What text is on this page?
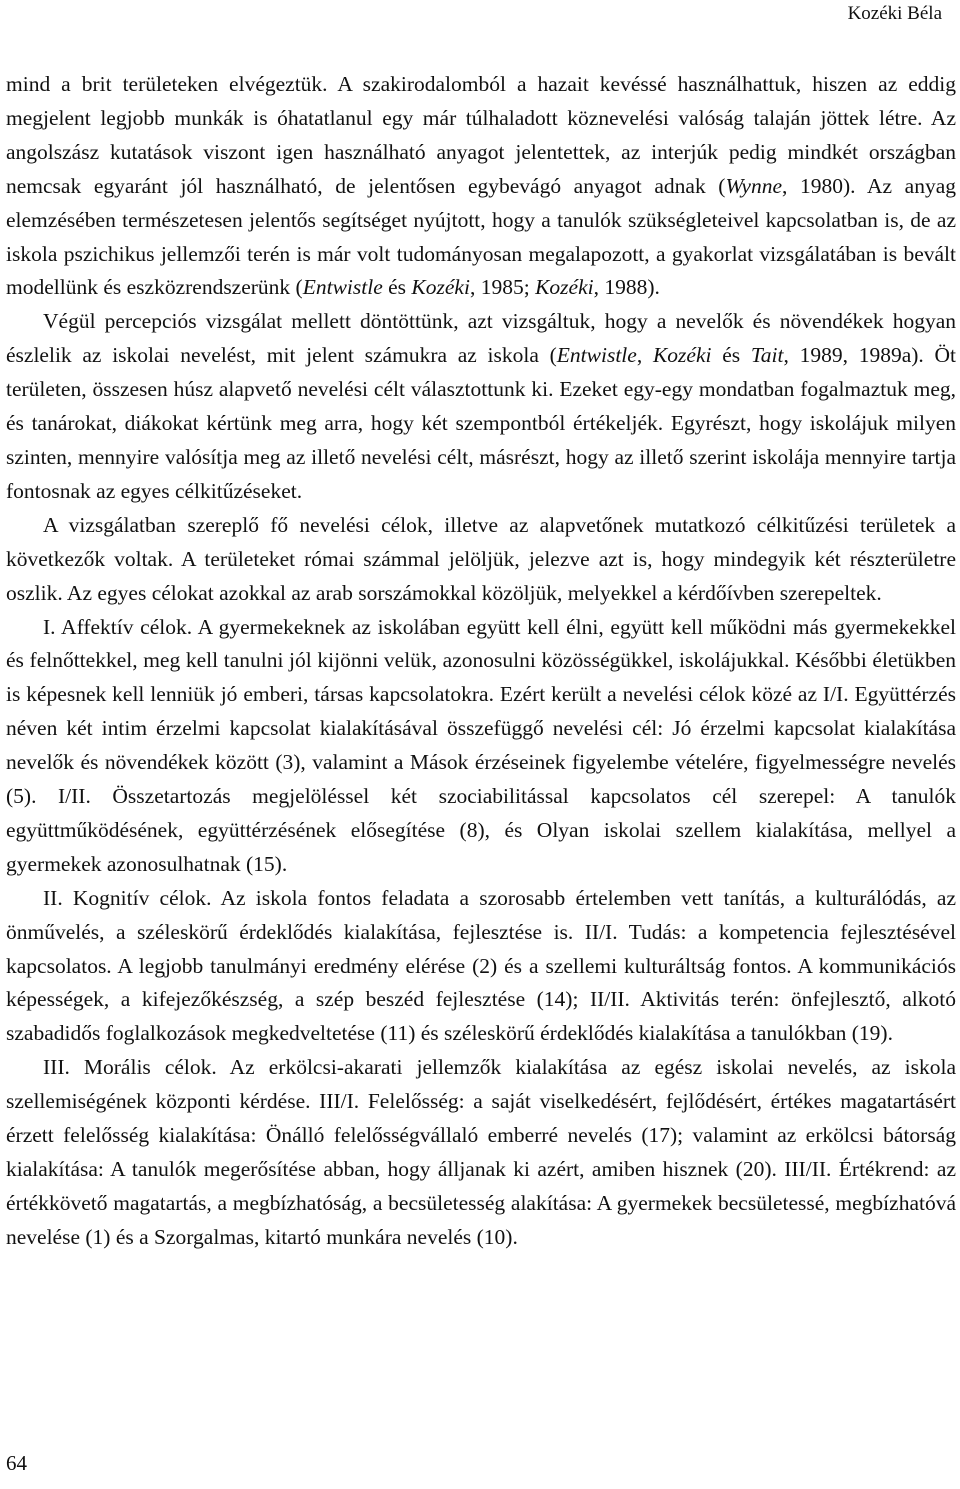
Kozéki Béla

mind a brit területeken elvégeztük. A szakirodalomból a hazait kevéssé használhattuk, hiszen az eddig megjelent legjobb munkák is óhatatlanul egy már túlhaladott köznevelési valóság talaján jöttek létre. Az angolszász kutatások viszont igen használható anyagot jelentettek, az interjúk pedig mindkét országban nemcsak egyaránt jól használható, de jelentősen egybevágó anyagot adnak (Wynne, 1980). Az anyag elemzésében természetesen jelentős segítséget nyújtott, hogy a tanulók szükségleteivel kapcsolatban is, de az iskola pszichikus jellemzői terén is már volt tudományosan megalapozott, a gyakorlat vizsgálatában is bevált modellünk és eszközrendszerünk (Entwistle és Kozéki, 1985; Kozéki, 1988).

Végül percepciós vizsgálat mellett döntöttünk, azt vizsgáltuk, hogy a nevelők és növendékek hogyan észlelik az iskolai nevelést, mit jelent számukra az iskola (Entwistle, Kozéki és Tait, 1989, 1989a). Öt területen, összesen húsz alapvető nevelési célt választottunk ki. Ezeket egy-egy mondatban fogalmaztuk meg, és tanárokat, diákokat kértünk meg arra, hogy két szempontból értékeljék. Egyrészt, hogy iskolájuk milyen szinten, mennyire valósítja meg az illető nevelési célt, másrészt, hogy az illető szerint iskolája mennyire tartja fontosnak az egyes célkitűzéseket.

A vizsgálatban szereplő fő nevelési célok, illetve az alapvetőnek mutatkozó célkitűzési területek a következők voltak. A területeket római számmal jelöljük, jelezve azt is, hogy mindegyik két részterületre oszlik. Az egyes célokat azokkal az arab sorszámokkal közöljük, melyekkel a kérdőívben szerepeltek.

I. Affektív célok. A gyermekeknek az iskolában együtt kell élni, együtt kell működni más gyermekekkel és felnőttekkel, meg kell tanulni jól kijönni velük, azonosulni közösségükkel, iskolájukkal. Későbbi életükben is képesnek kell lenniük jó emberi, társas kapcsolatokra. Ezért került a nevelési célok közé az I/I. Együttérzés néven két intim érzelmi kapcsolat kialakításával összefüggő nevelési cél: Jó érzelmi kapcsolat kialakítása nevelők és növendékek között (3), valamint a Mások érzéseinek figyelembe vételére, figyelmességre nevelés (5). I/II. Összetartozás megjelöléssel két szociabilitással kapcsolatos cél szerepel: A tanulók együttműködésének, együttérzésének elősegítése (8), és Olyan iskolai szellem kialakítása, mellyel a gyermekek azonosulhatnak (15).

II. Kognitív célok. Az iskola fontos feladata a szorosabb értelemben vett tanítás, a kulturálódás, az önművelés, a széleskörű érdeklődés kialakítása, fejlesztése is. II/I. Tudás: a kompetencia fejlesztésével kapcsolatos. A legjobb tanulmányi eredmény elérése (2) és a szellemi kulturáltság fontos. A kommunikációs képességek, a kifejezőkészség, a szép beszéd fejlesztése (14); II/II. Aktivitás terén: önfejlesztő, alkotó szabadidős foglalkozások megkedveltetése (11) és széleskörű érdeklődés kialakítása a tanulókban (19).

III. Morális célok. Az erkölcsi-akarati jellemzők kialakítása az egész iskolai nevelés, az iskola szellemiségének központi kérdése. III/I. Felelősség: a saját viselkedésért, fejlődésért, értékes magatartásért érzett felelősség kialakítása: Önálló felelősségvállaló emberré nevelés (17); valamint az erkölcsi bátorság kialakítása: A tanulók megerősítése abban, hogy álljanak ki azért, amiben hisznek (20). III/II. Értékrend: az értékkövető magatartás, a megbízhatóság, a becsületesség alakítása: A gyermekek becsületessé, megbízhatóvá nevelése (1) és a Szorgalmas, kitartó munkára nevelés (10).

64
